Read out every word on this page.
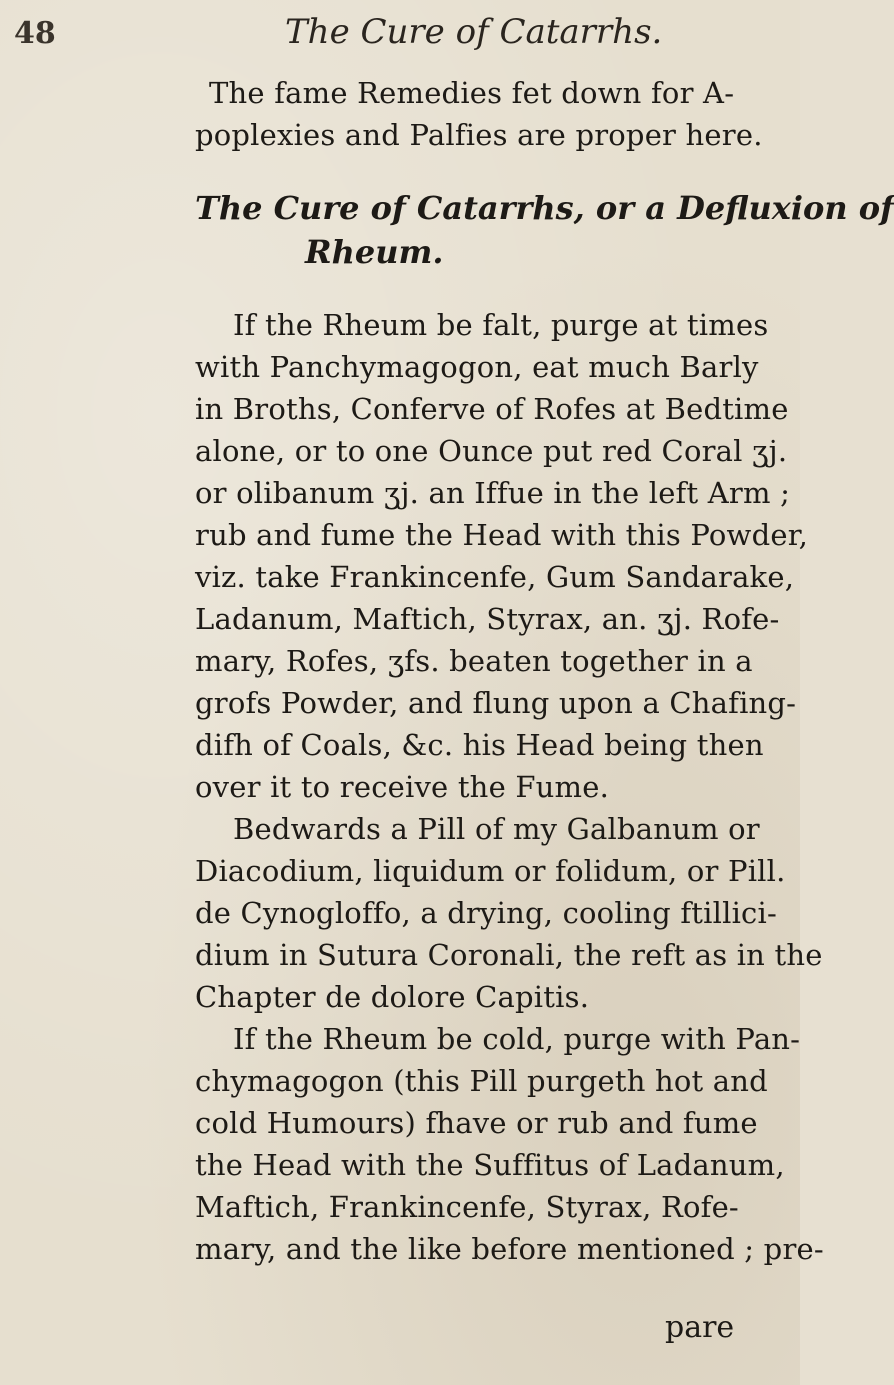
48	The Cure of Catarrhs.
The fame Remedies fet down for A-
poplexies and Palfies are proper here.
The Cure of Catarrhs, or a Defluxion of
Rheum.
If the Rheum be falt, purge at times
with Panchymagogon, eat much Barly
in Broths, Conferve of Rofes at Bedtime
alone, or to one Ounce put red Coral ʒj.
or olibanum ʒj. an Iffue in the left Arm ;
rub and fume the Head with this Powder,
viz. take Frankincenfe, Gum Sandarake,
Ladanum, Maftich, Styrax, an. ʒj. Rofe-
mary, Rofes, ʒfs. beaten together in a
grofs Powder, and flung upon a Chafing-
difh of Coals, &c. his Head being then
over it to receive the Fume.
Bedwards a Pill of my Galbanum or
Diacodium, liquidum or folidum, or Pill.
de Cynogloffo, a drying, cooling ftillici-
dium in Sutura Coronali, the reft as in the
Chapter de dolore Capitis.
If the Rheum be cold, purge with Pan-
chymagogon (this Pill purgeth hot and
cold Humours) fhave or rub and fume
the Head with the Suffitus of Ladanum,
Maftich, Frankincenfe, Styrax, Rofe-
mary, and the like before mentioned ; pre-
pare
